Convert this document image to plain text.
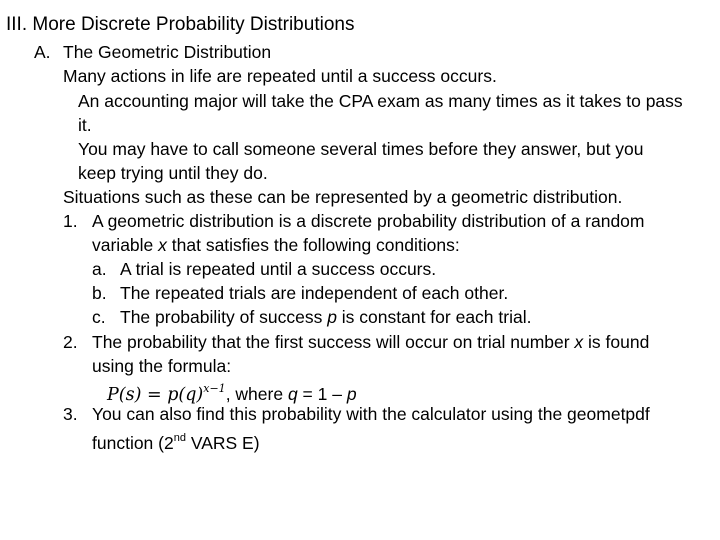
III. More Discrete Probability Distributions
A. The Geometric Distribution
Many actions in life are repeated until a success occurs.
An accounting major will take the CPA exam as many times as it takes to pass
it.
You may have to call someone several times before they answer, but you
keep trying until they do.
Situations such as these can be represented by a geometric distribution.
1. A geometric distribution is a discrete probability distribution of a random
variable x that satisfies the following conditions:
a. A trial is repeated until a success occurs.
b. The repeated trials are independent of each other.
c. The probability of success p is constant for each trial.
2. The probability that the first success will occur on trial number x is found
using the formula:
$P(s) = p(q)^{x-1}$, where q = 1 – p
3. You can also find this probability with the calculator using the geometpdf
function (2nd VARS E)
